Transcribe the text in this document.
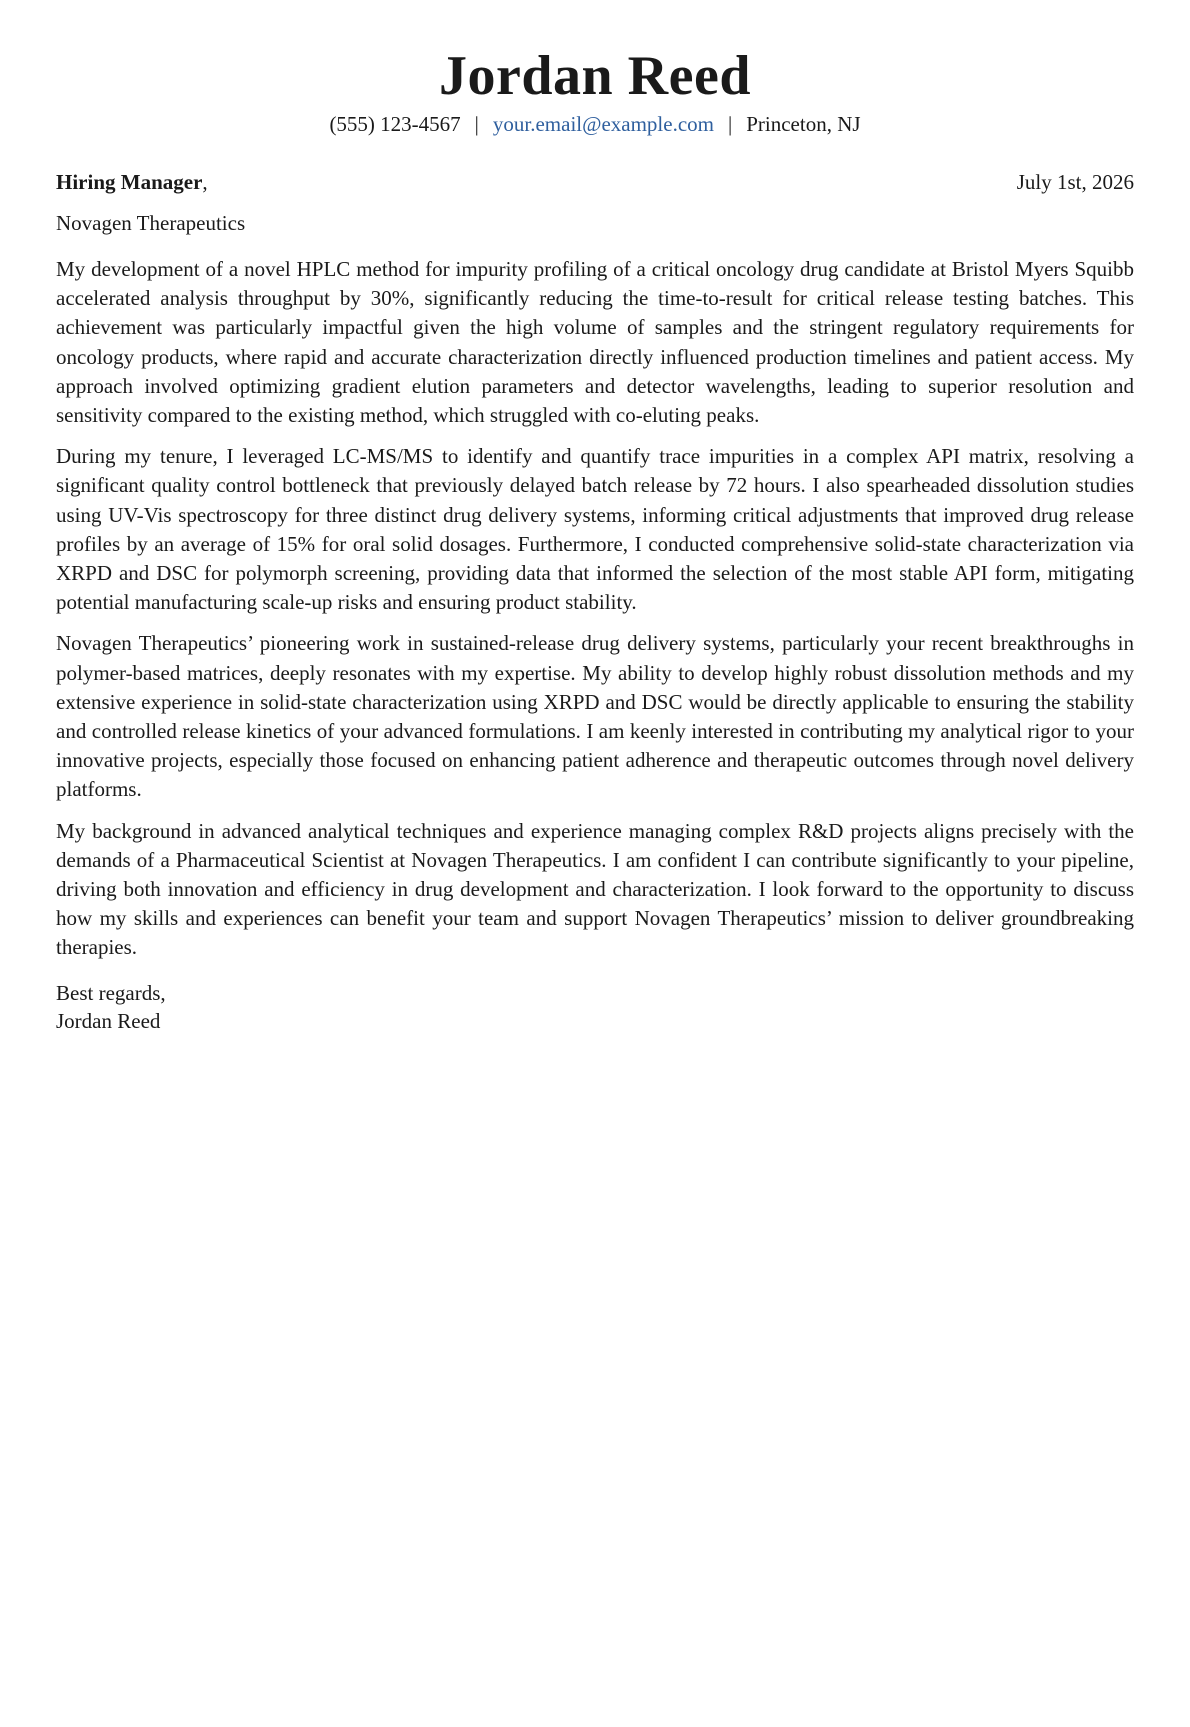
Jordan Reed
(555) 123-4567 | your.email@example.com | Princeton, NJ
Hiring Manager,	July 1st, 2026
Novagen Therapeutics

My development of a novel HPLC method for impurity profiling of a critical oncology drug candidate at Bristol Myers Squibb accelerated analysis throughput by 30%, significantly reducing the time-to-result for critical release testing batches. This achievement was particularly impactful given the high volume of samples and the stringent regulatory requirements for oncology products, where rapid and accurate characterization directly influenced production timelines and patient access. My approach involved optimizing gradient elution parameters and detector wavelengths, leading to superior resolution and sensitivity compared to the existing method, which struggled with co-eluting peaks.

During my tenure, I leveraged LC-MS/MS to identify and quantify trace impurities in a complex API matrix, resolving a significant quality control bottleneck that previously delayed batch release by 72 hours. I also spearheaded dissolution studies using UV-Vis spectroscopy for three distinct drug delivery systems, informing critical adjustments that improved drug release profiles by an average of 15% for oral solid dosages. Furthermore, I conducted comprehensive solid-state characterization via XRPD and DSC for polymorph screening, providing data that informed the selection of the most stable API form, mitigating potential manufacturing scale-up risks and ensuring product stability.

Novagen Therapeutics’ pioneering work in sustained-release drug delivery systems, particularly your recent breakthroughs in polymer-based matrices, deeply resonates with my expertise. My ability to develop highly robust dissolution methods and my extensive experience in solid-state characterization using XRPD and DSC would be directly applicable to ensuring the stability and controlled release kinetics of your advanced formulations. I am keenly interested in contributing my analytical rigor to your innovative projects, especially those focused on enhancing patient adherence and therapeutic outcomes through novel delivery platforms.

My background in advanced analytical techniques and experience managing complex R&D projects aligns precisely with the demands of a Pharmaceutical Scientist at Novagen Therapeutics. I am confident I can contribute significantly to your pipeline, driving both innovation and efficiency in drug development and characterization. I look forward to the opportunity to discuss how my skills and experiences can benefit your team and support Novagen Therapeutics’ mission to deliver groundbreaking therapies.

Best regards,
Jordan Reed
